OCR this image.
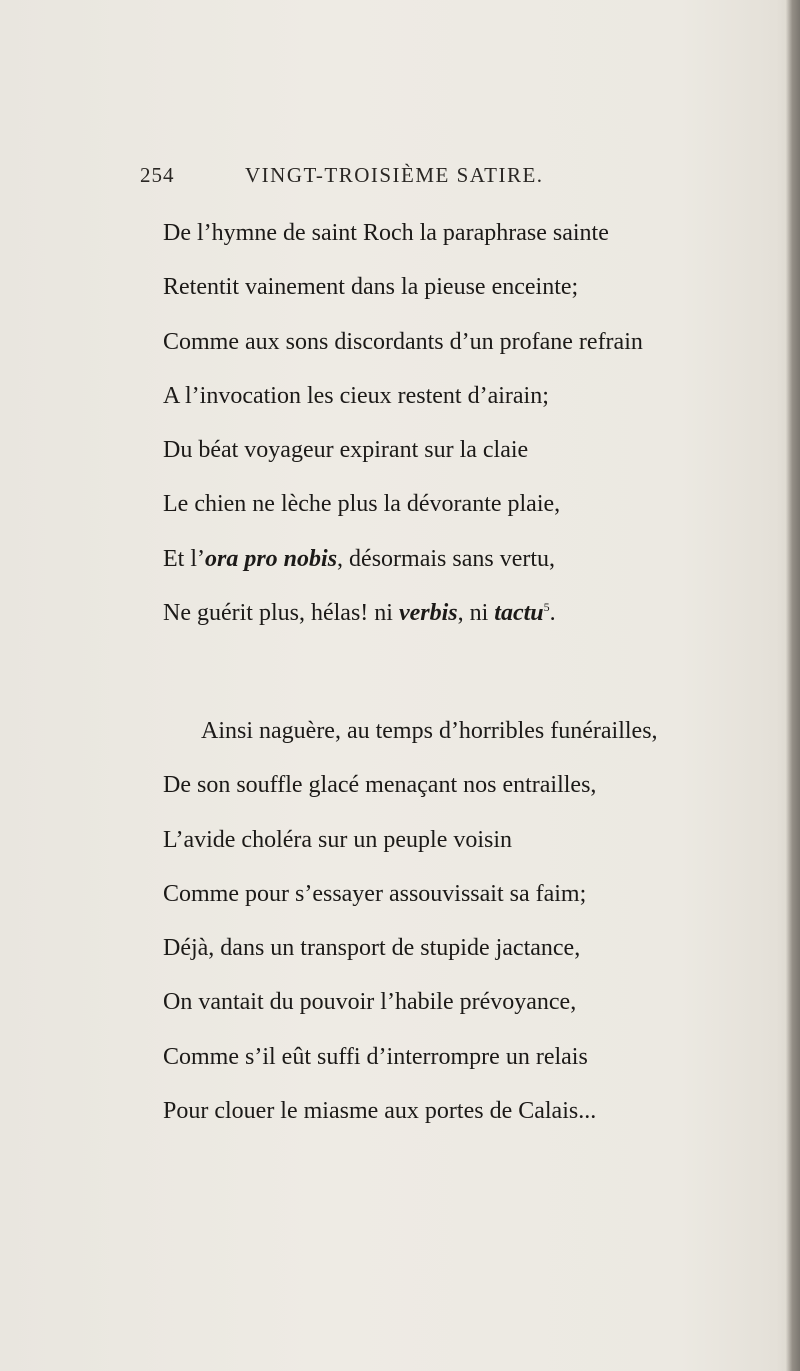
254	VINGT-TROISIÈME SATIRE.
De l’hymne de saint Roch la paraphrase sainte
Retentit vainement dans la pieuse enceinte;
Comme aux sons discordants d’un profane refrain
A l’invocation les cieux restent d’airain;
Du béat voyageur expirant sur la claie
Le chien ne lèche plus la dévorante plaie,
Et l’ora pro nobis, désormais sans vertu,
Ne guérit plus, hélas! ni verbis, ni tactu$^5$.
Ainsi naguère, au temps d’horribles funérailles,
De son souffle glacé menaçant nos entrailles,
L’avide choléra sur un peuple voisin
Comme pour s’essayer assouvissait sa faim;
Déjà, dans un transport de stupide jactance,
On vantait du pouvoir l’habile prévoyance,
Comme s’il eût suffi d’interrompre un relais
Pour clouer le miasme aux portes de Calais...
